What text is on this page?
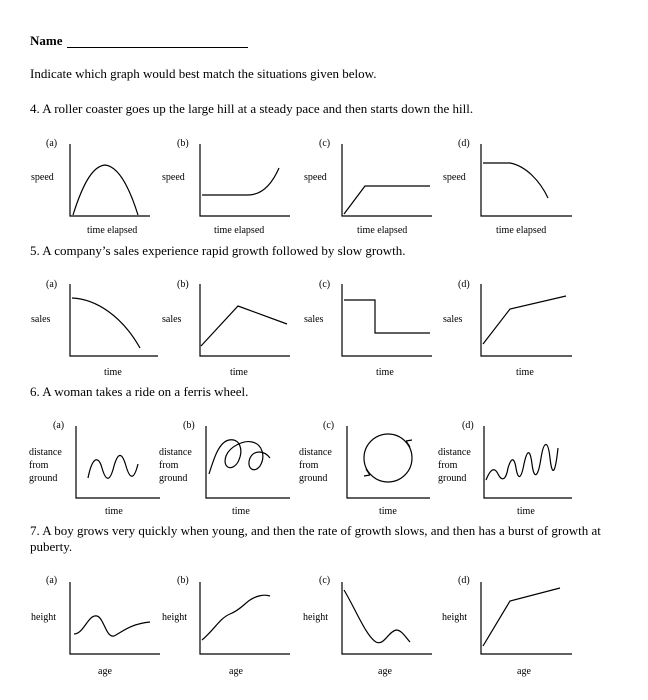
Name
Indicate which graph would best match the situations given below.
4. A roller coaster goes up the large hill at a steady pace and then starts down the hill.
(a)	(b)	(c)	(d)
speed	speed	speed	speed
time elapsed	time elapsed	time elapsed	time elapsed
5. A company’s sales experience rapid growth followed by slow growth.
(a)	(b)	(c)	(d)
sales	sales	sales	sales
time	time	time	time
6. A woman takes a ride on a ferris wheel.
(a)	(b)	(c)	(d)
distance
from
ground
distance
from
ground
distance
from
ground
distance
from
ground
time	time	time	time
7. A boy grows very quickly when young, and then the rate of growth slows, and then has a burst of growth at puberty.
(a)	(b)	(c)	(d)
height	height	height	height
age	age	age	age
